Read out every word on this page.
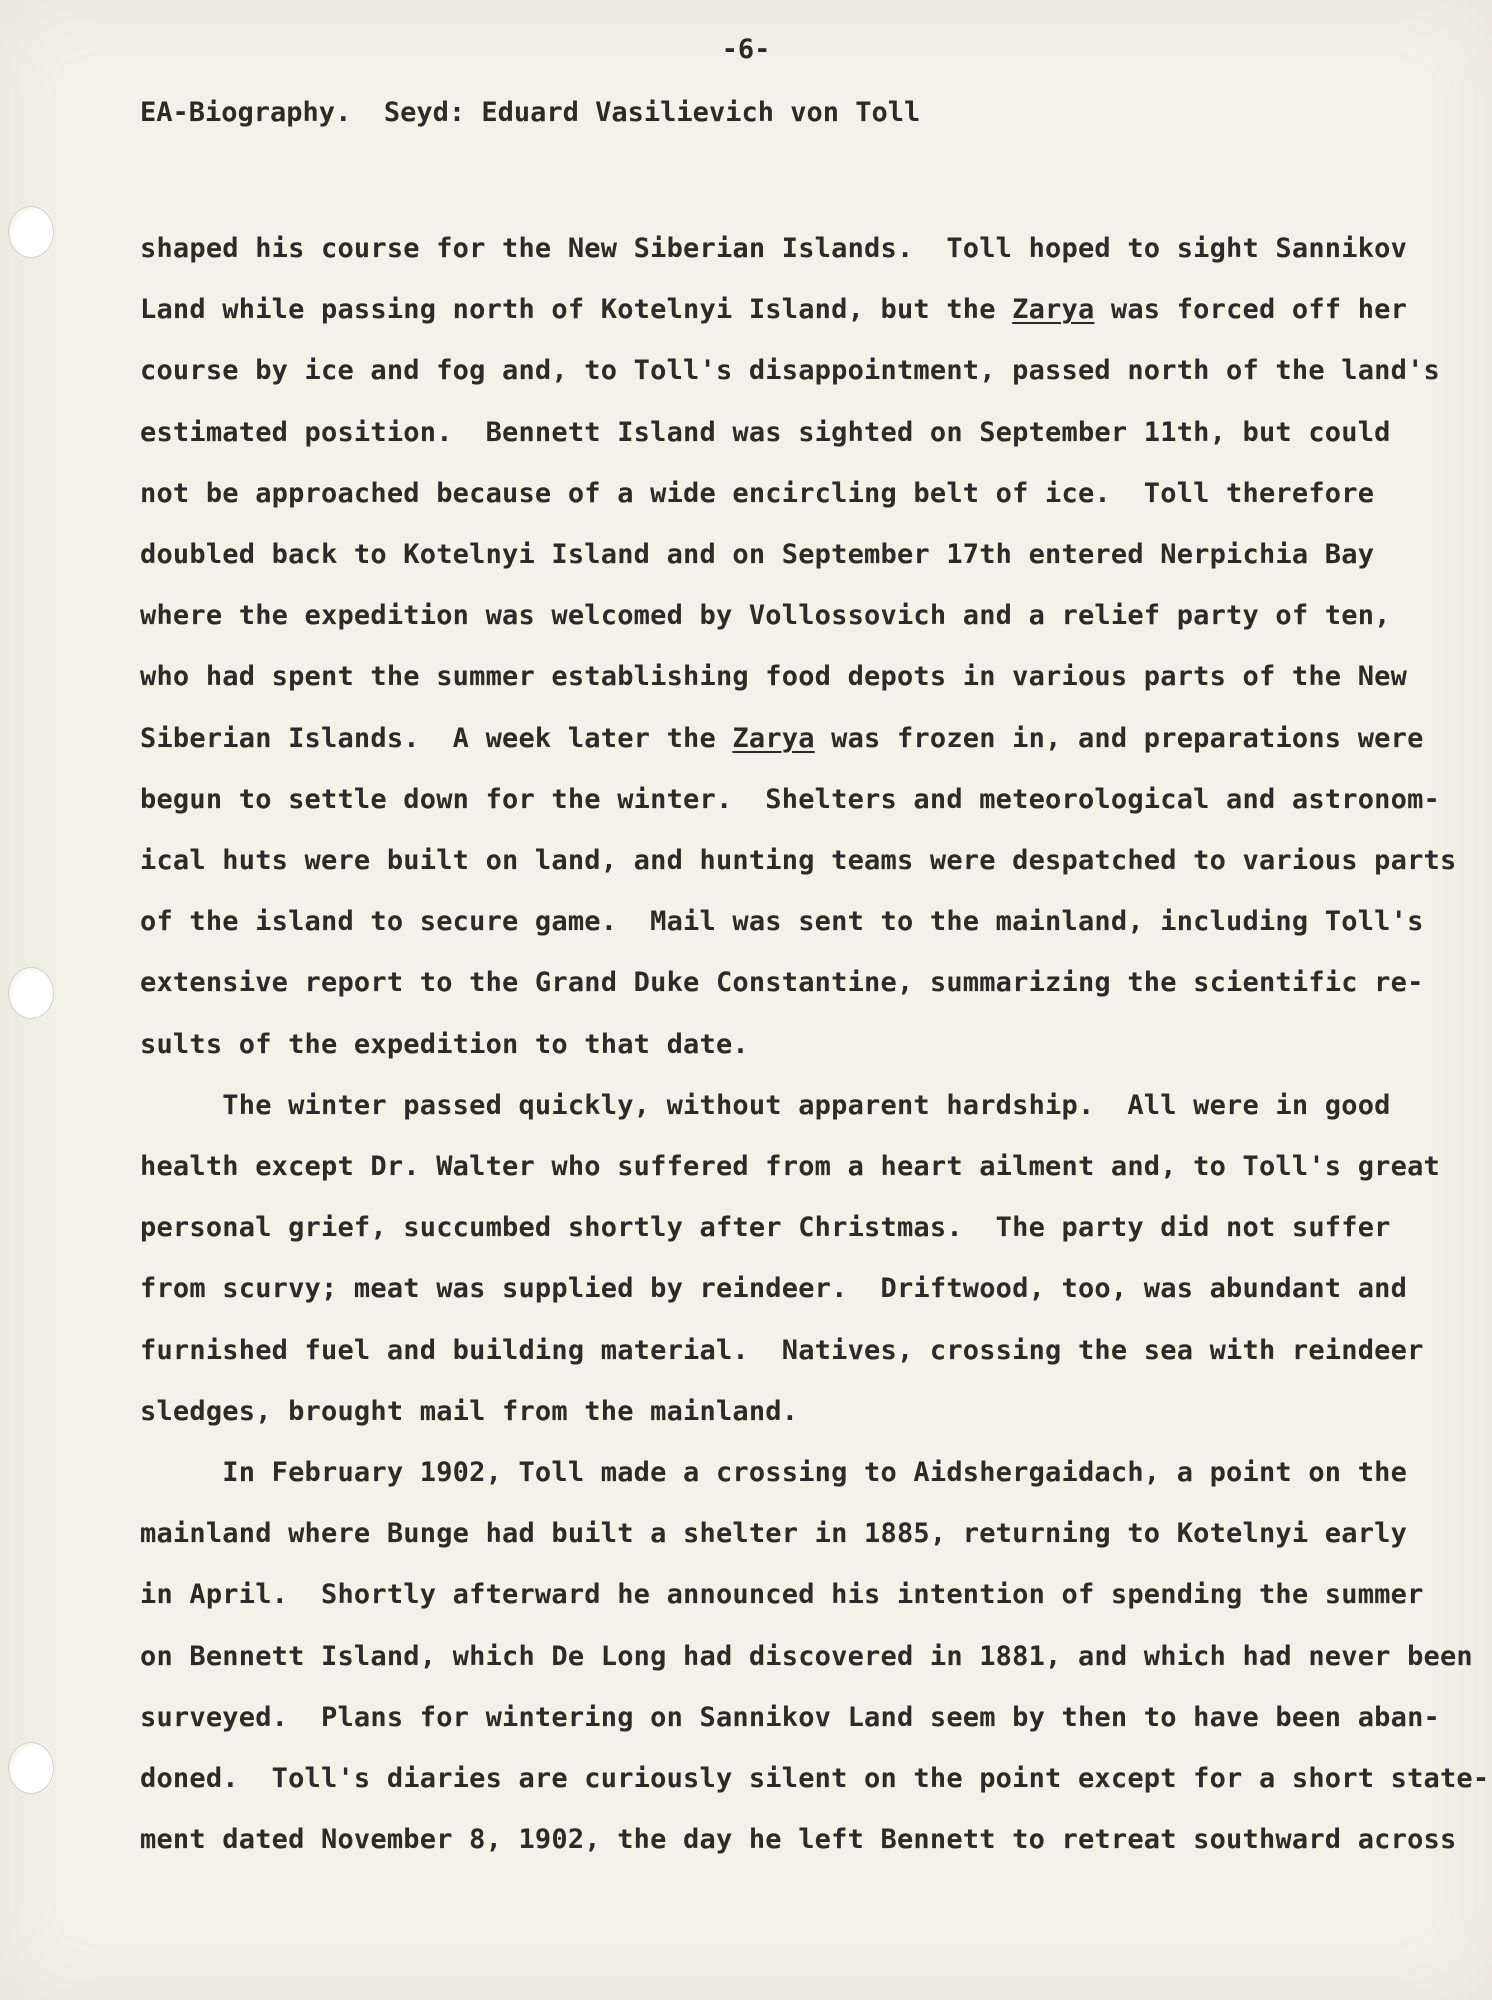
-6-
EA-Biography.  Seyd: Eduard Vasilievich von Toll
shaped his course for the New Siberian Islands.  Toll hoped to sight Sannikov
Land while passing north of Kotelnyi Island, but the Zarya was forced off her
course by ice and fog and, to Toll's disappointment, passed north of the land's
estimated position.  Bennett Island was sighted on September 11th, but could
not be approached because of a wide encircling belt of ice.  Toll therefore
doubled back to Kotelnyi Island and on September 17th entered Nerpichia Bay
where the expedition was welcomed by Vollossovich and a relief party of ten,
who had spent the summer establishing food depots in various parts of the New
Siberian Islands.  A week later the Zarya was frozen in, and preparations were
begun to settle down for the winter.  Shelters and meteorological and astronom-
ical huts were built on land, and hunting teams were despatched to various parts
of the island to secure game.  Mail was sent to the mainland, including Toll's
extensive report to the Grand Duke Constantine, summarizing the scientific re-
sults of the expedition to that date.
The winter passed quickly, without apparent hardship.  All were in good
health except Dr. Walter who suffered from a heart ailment and, to Toll's great
personal grief, succumbed shortly after Christmas.  The party did not suffer
from scurvy; meat was supplied by reindeer.  Driftwood, too, was abundant and
furnished fuel and building material.  Natives, crossing the sea with reindeer
sledges, brought mail from the mainland.
In February 1902, Toll made a crossing to Aidshergaidach, a point on the
mainland where Bunge had built a shelter in 1885, returning to Kotelnyi early
in April.  Shortly afterward he announced his intention of spending the summer
on Bennett Island, which De Long had discovered in 1881, and which had never been
surveyed.  Plans for wintering on Sannikov Land seem by then to have been aban-
doned.  Toll's diaries are curiously silent on the point except for a short state-
ment dated November 8, 1902, the day he left Bennett to retreat southward across
